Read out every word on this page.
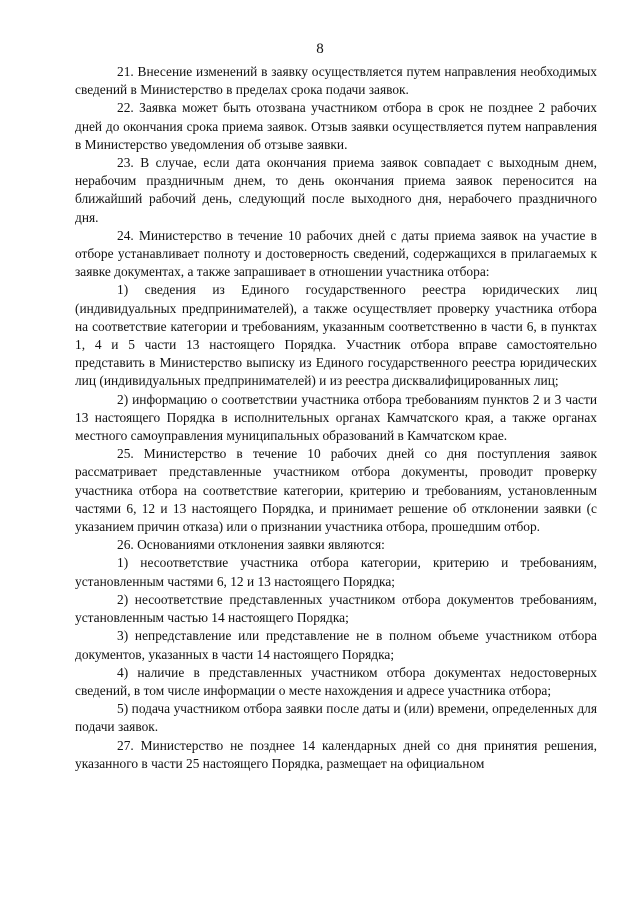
8

21. Внесение изменений в заявку осуществляется путем направления необходимых сведений в Министерство в пределах срока подачи заявок.

22. Заявка может быть отозвана участником отбора в срок не позднее 2 рабочих дней до окончания срока приема заявок. Отзыв заявки осуществляется путем направления в Министерство уведомления об отзыве заявки.

23. В случае, если дата окончания приема заявок совпадает с выходным днем, нерабочим праздничным днем, то день окончания приема заявок переносится на ближайший рабочий день, следующий после выходного дня, нерабочего праздничного дня.

24. Министерство в течение 10 рабочих дней с даты приема заявок на участие в отборе устанавливает полноту и достоверность сведений, содержащихся в прилагаемых к заявке документах, а также запрашивает в отношении участника отбора:

1) сведения из Единого государственного реестра юридических лиц (индивидуальных предпринимателей), а также осуществляет проверку участника отбора на соответствие категории и требованиям, указанным соответственно в части 6, в пунктах 1, 4 и 5 части 13 настоящего Порядка. Участник отбора вправе самостоятельно представить в Министерство выписку из Единого государственного реестра юридических лиц (индивидуальных предпринимателей) и из реестра дисквалифицированных лиц;

2) информацию о соответствии участника отбора требованиям пунктов 2 и 3 части 13 настоящего Порядка в исполнительных органах Камчатского края, а также органах местного самоуправления муниципальных образований в Камчатском крае.

25. Министерство в течение 10 рабочих дней со дня поступления заявок рассматривает представленные участником отбора документы, проводит проверку участника отбора на соответствие категории, критерию и требованиям, установленным частями 6, 12 и 13 настоящего Порядка, и принимает решение об отклонении заявки (с указанием причин отказа) или о признании участника отбора, прошедшим отбор.

26. Основаниями отклонения заявки являются:

1) несоответствие участника отбора категории, критерию и требованиям, установленным частями 6, 12 и 13 настоящего Порядка;

2) несоответствие представленных участником отбора документов требованиям, установленным частью 14 настоящего Порядка;

3) непредставление или представление не в полном объеме участником отбора документов, указанных в части 14 настоящего Порядка;

4) наличие в представленных участником отбора документах недостоверных сведений, в том числе информации о месте нахождения и адресе участника отбора;

5) подача участником отбора заявки после даты и (или) времени, определенных для подачи заявок.

27. Министерство не позднее 14 календарных дней со дня принятия решения, указанного в части 25 настоящего Порядка, размещает на официальном
